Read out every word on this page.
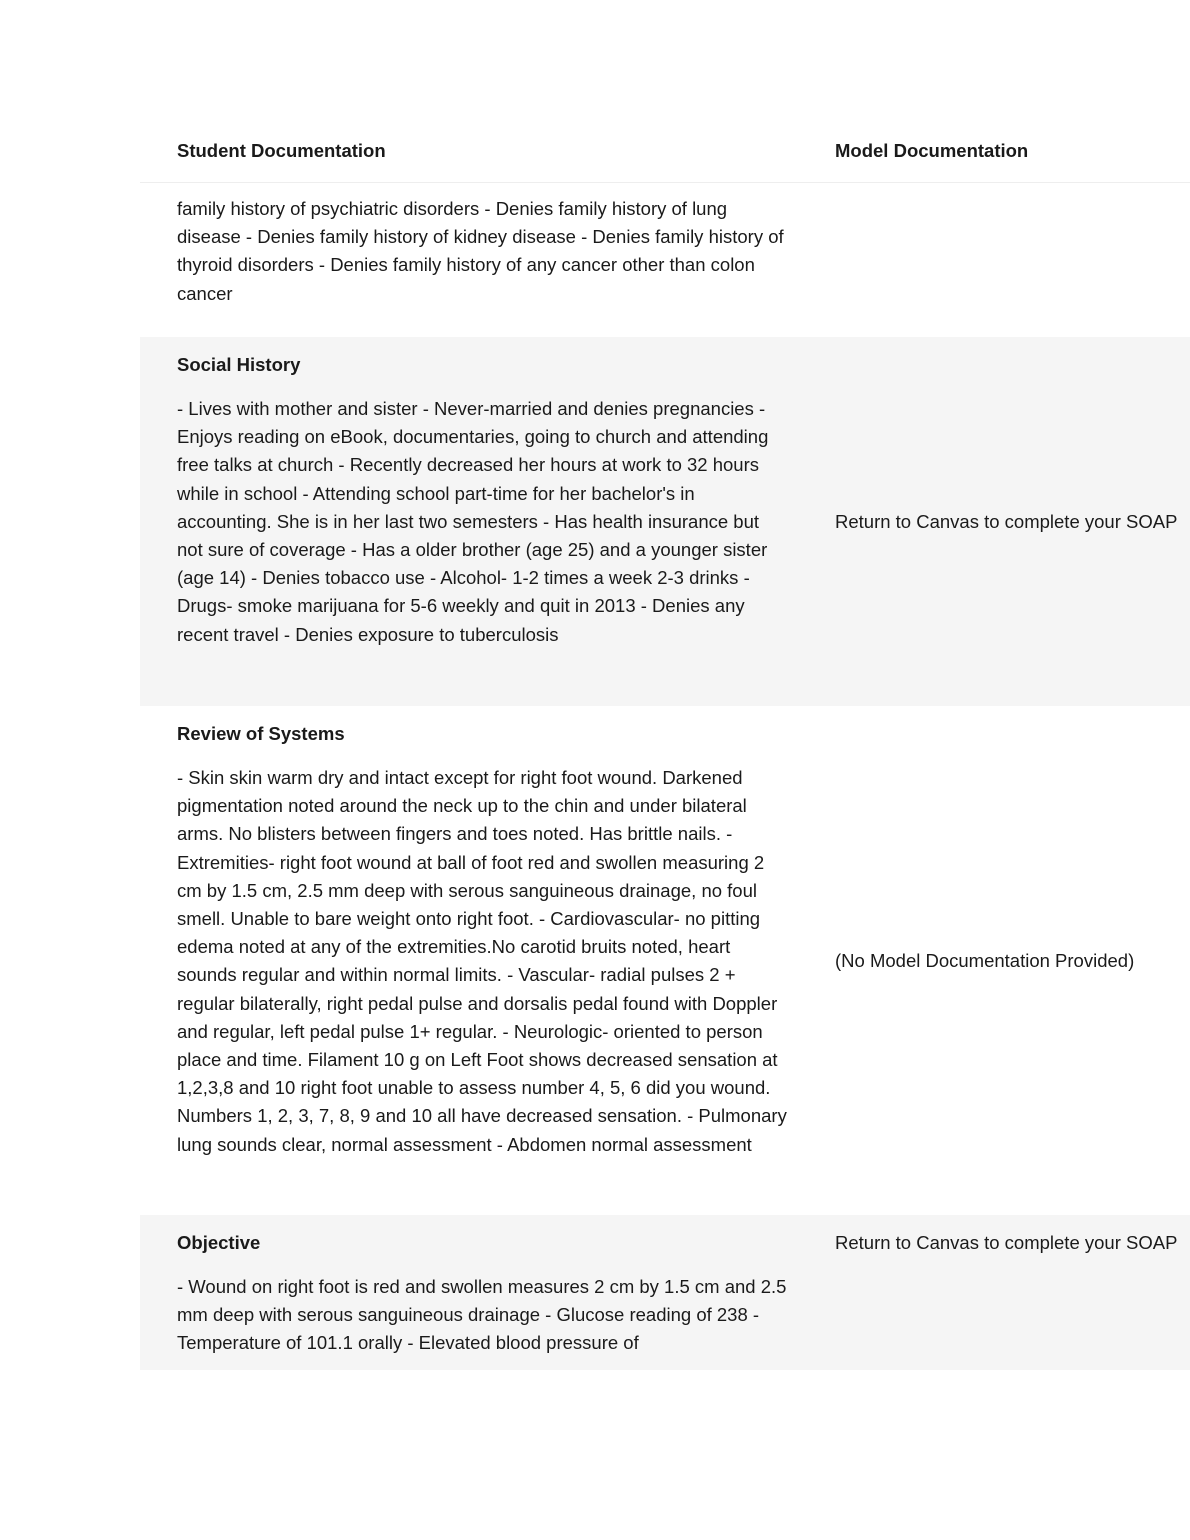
Student Documentation	Model Documentation

family history of psychiatric disorders - Denies family history of lung disease - Denies family history of kidney disease - Denies family history of thyroid disorders - Denies family history of any cancer other than colon cancer

Social History

- Lives with mother and sister - Never-married and denies pregnancies - Enjoys reading on eBook, documentaries, going to church and attending free talks at church - Recently decreased her hours at work to 32 hours while in school - Attending school part-time for her bachelor's in accounting. She is in her last two semesters - Has health insurance but not sure of coverage - Has a older brother (age 25) and a younger sister (age 14) - Denies tobacco use - Alcohol- 1-2 times a week 2-3 drinks - Drugs- smoke marijuana for 5-6 weekly and quit in 2013 - Denies any recent travel - Denies exposure to tuberculosis

Return to Canvas to complete your SOAP
Review of Systems

- Skin skin warm dry and intact except for right foot wound. Darkened pigmentation noted around the neck up to the chin and under bilateral arms. No blisters between fingers and toes noted. Has brittle nails. - Extremities- right foot wound at ball of foot red and swollen measuring 2 cm by 1.5 cm, 2.5 mm deep with serous sanguineous drainage, no foul smell. Unable to bare weight onto right foot. - Cardiovascular- no pitting edema noted at any of the extremities.No carotid bruits noted, heart sounds regular and within normal limits. - Vascular- radial pulses 2 + regular bilaterally, right pedal pulse and dorsalis pedal found with Doppler and regular, left pedal pulse 1+ regular. - Neurologic- oriented to person place and time. Filament 10 g on Left Foot shows decreased sensation at 1,2,3,8 and 10 right foot unable to assess number 4, 5, 6 did you wound. Numbers 1, 2, 3, 7, 8, 9 and 10 all have decreased sensation. - Pulmonary lung sounds clear, normal assessment - Abdomen normal assessment

(No Model Documentation Provided)
Objective

- Wound on right foot is red and swollen measures 2 cm by 1.5 cm and 2.5 mm deep with serous sanguineous drainage - Glucose reading of 238 - Temperature of 101.1 orally - Elevated blood pressure of

Return to Canvas to complete your SOAP
